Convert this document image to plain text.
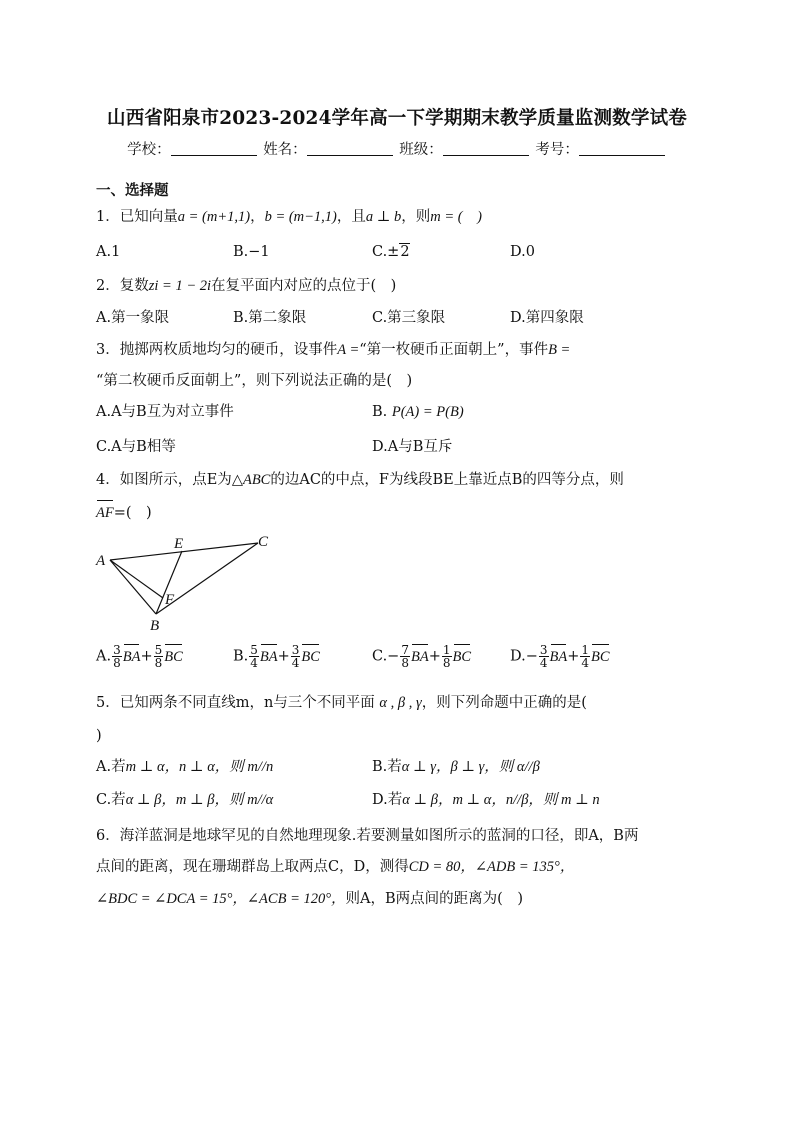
山西省阳泉市2023-2024学年高一下学期期末教学质量监测数学试卷
学校：	姓名：	班级：	考号：
一、选择题
1．已知向量a = (m+1,1)，b = (m−1,1)，且a ⊥ b，则m = (　)
A.1	B.−1	C.±2	D.0
2．复数zi = 1 − 2i在复平面内对应的点位于(　)
A.第一象限	B.第二象限	C.第三象限	D.第四象限
3．抛掷两枚质地均匀的硬币，设事件A =“第一枚硬币正面朝上”，事件B =
“第二枚硬币反面朝上”，则下列说法正确的是(　)
A.A与B互为对立事件	B. P(A) = P(B)
C.A与B相等	D.A与B互斥
4．如图所示，点E为△ABC的边AC的中点，F为线段BE上靠近点B的四等分点，则
AF=(　)
A
E	C
F
B
A. $\frac{3}{8} BA+ \frac{5}{8}$ BC	B. $\frac{5}{4} BA+ \frac{3}{4}$ BC	$C.- \frac{7}{8} BA+ \frac{1}{8}$ BC	$D.- \frac{3}{4} BA+ \frac{1}{4}$ BC
5．已知两条不同直线m，n与三个不同平面 α , β , γ，则下列命题中正确的是(
)
A.若m ⊥ α，n ⊥ α，则 m//n	B.若α ⊥ γ，β ⊥ γ，则 α//β
C.若α ⊥ β，m ⊥ β，则 m//α	D.若α ⊥ β，m ⊥ α，n//β，则 m ⊥ n
6．海洋蓝洞是地球罕见的自然地理现象.若要测量如图所示的蓝洞的口径，即A，B两
点间的距离，现在珊瑚群岛上取两点C，D，测得CD = 80，∠ADB = 135°，
∠BDC = ∠DCA = 15°，∠ACB = 120°，则A，B两点间的距离为(　)
